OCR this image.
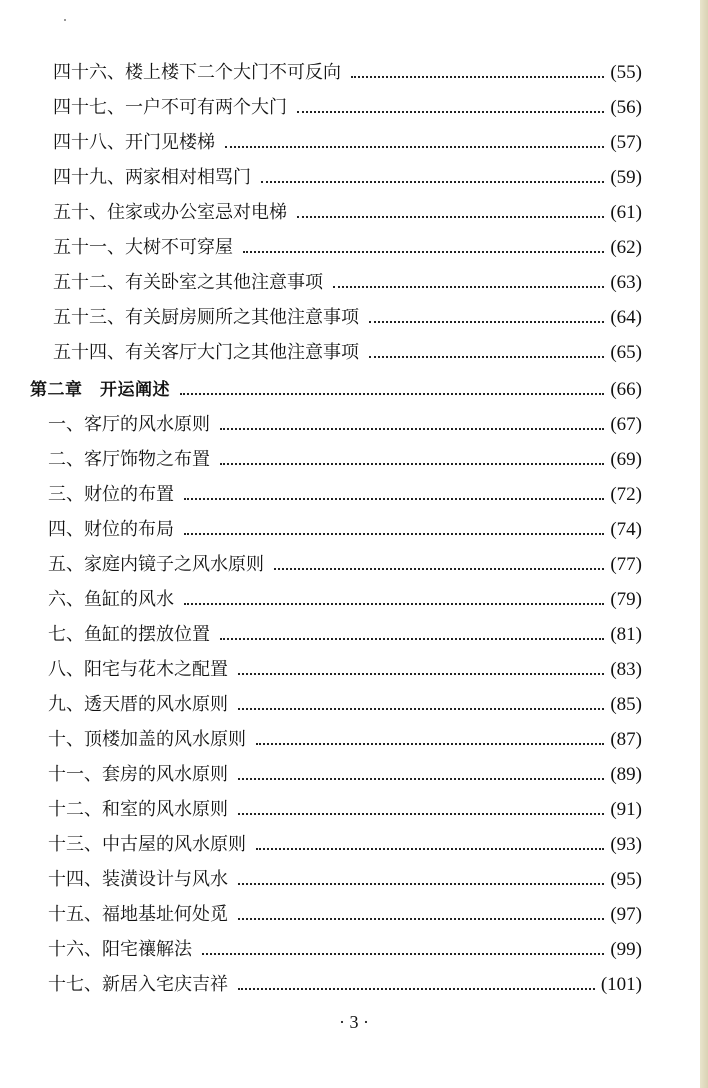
四十六、楼上楼下二个大门不可反向	(55)
四十七、一户不可有两个大门	(56)
四十八、开门见楼梯	(57)
四十九、两家相对相骂门	(59)
五十、住家或办公室忌对电梯	(61)
五十一、大树不可穿屋	(62)
五十二、有关卧室之其他注意事项	(63)
五十三、有关厨房厕所之其他注意事项	(64)
五十四、有关客厅大门之其他注意事项	(65)
第二章　开运阐述	(66)
一、客厅的风水原则	(67)
二、客厅饰物之布置	(69)
三、财位的布置	(72)
四、财位的布局	(74)
五、家庭内镜子之风水原则	(77)
六、鱼缸的风水	(79)
七、鱼缸的摆放位置	(81)
八、阳宅与花木之配置	(83)
九、透天厝的风水原则	(85)
十、顶楼加盖的风水原则	(87)
十一、套房的风水原则	(89)
十二、和室的风水原则	(91)
十三、中古屋的风水原则	(93)
十四、装潢设计与风水	(95)
十五、福地基址何处觅	(97)
十六、阳宅禳解法	(99)
十七、新居入宅庆吉祥	(101)
· 3 ·
